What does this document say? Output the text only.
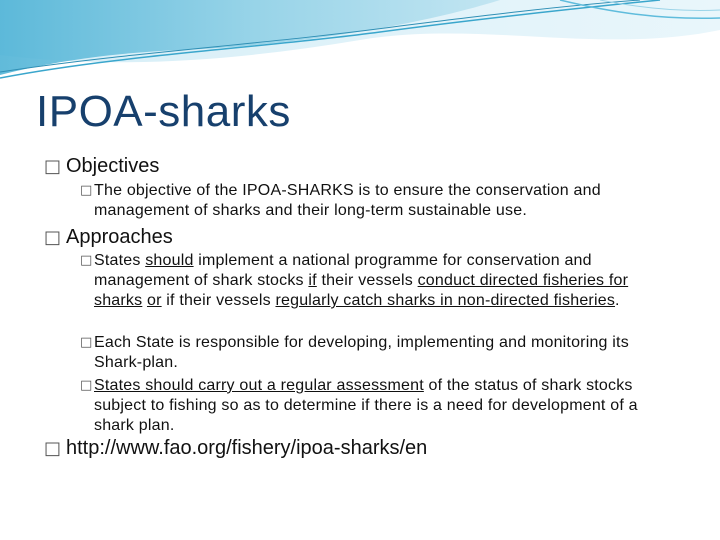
IPOA-sharks
□ Objectives
□ The objective of the IPOA-SHARKS is to ensure the conservation and management of sharks and their long-term sustainable use.
□ Approaches
□ States should implement a national programme for conservation and management of shark stocks if their vessels conduct directed fisheries for sharks or if their vessels regularly catch sharks in non-directed fisheries.
□ Each State is responsible for developing, implementing and monitoring its Shark-plan.
□ States should carry out a regular assessment of the status of shark stocks subject to fishing so as to determine if there is a need for development of a shark plan.
□ http://www.fao.org/fishery/ipoa-sharks/en
